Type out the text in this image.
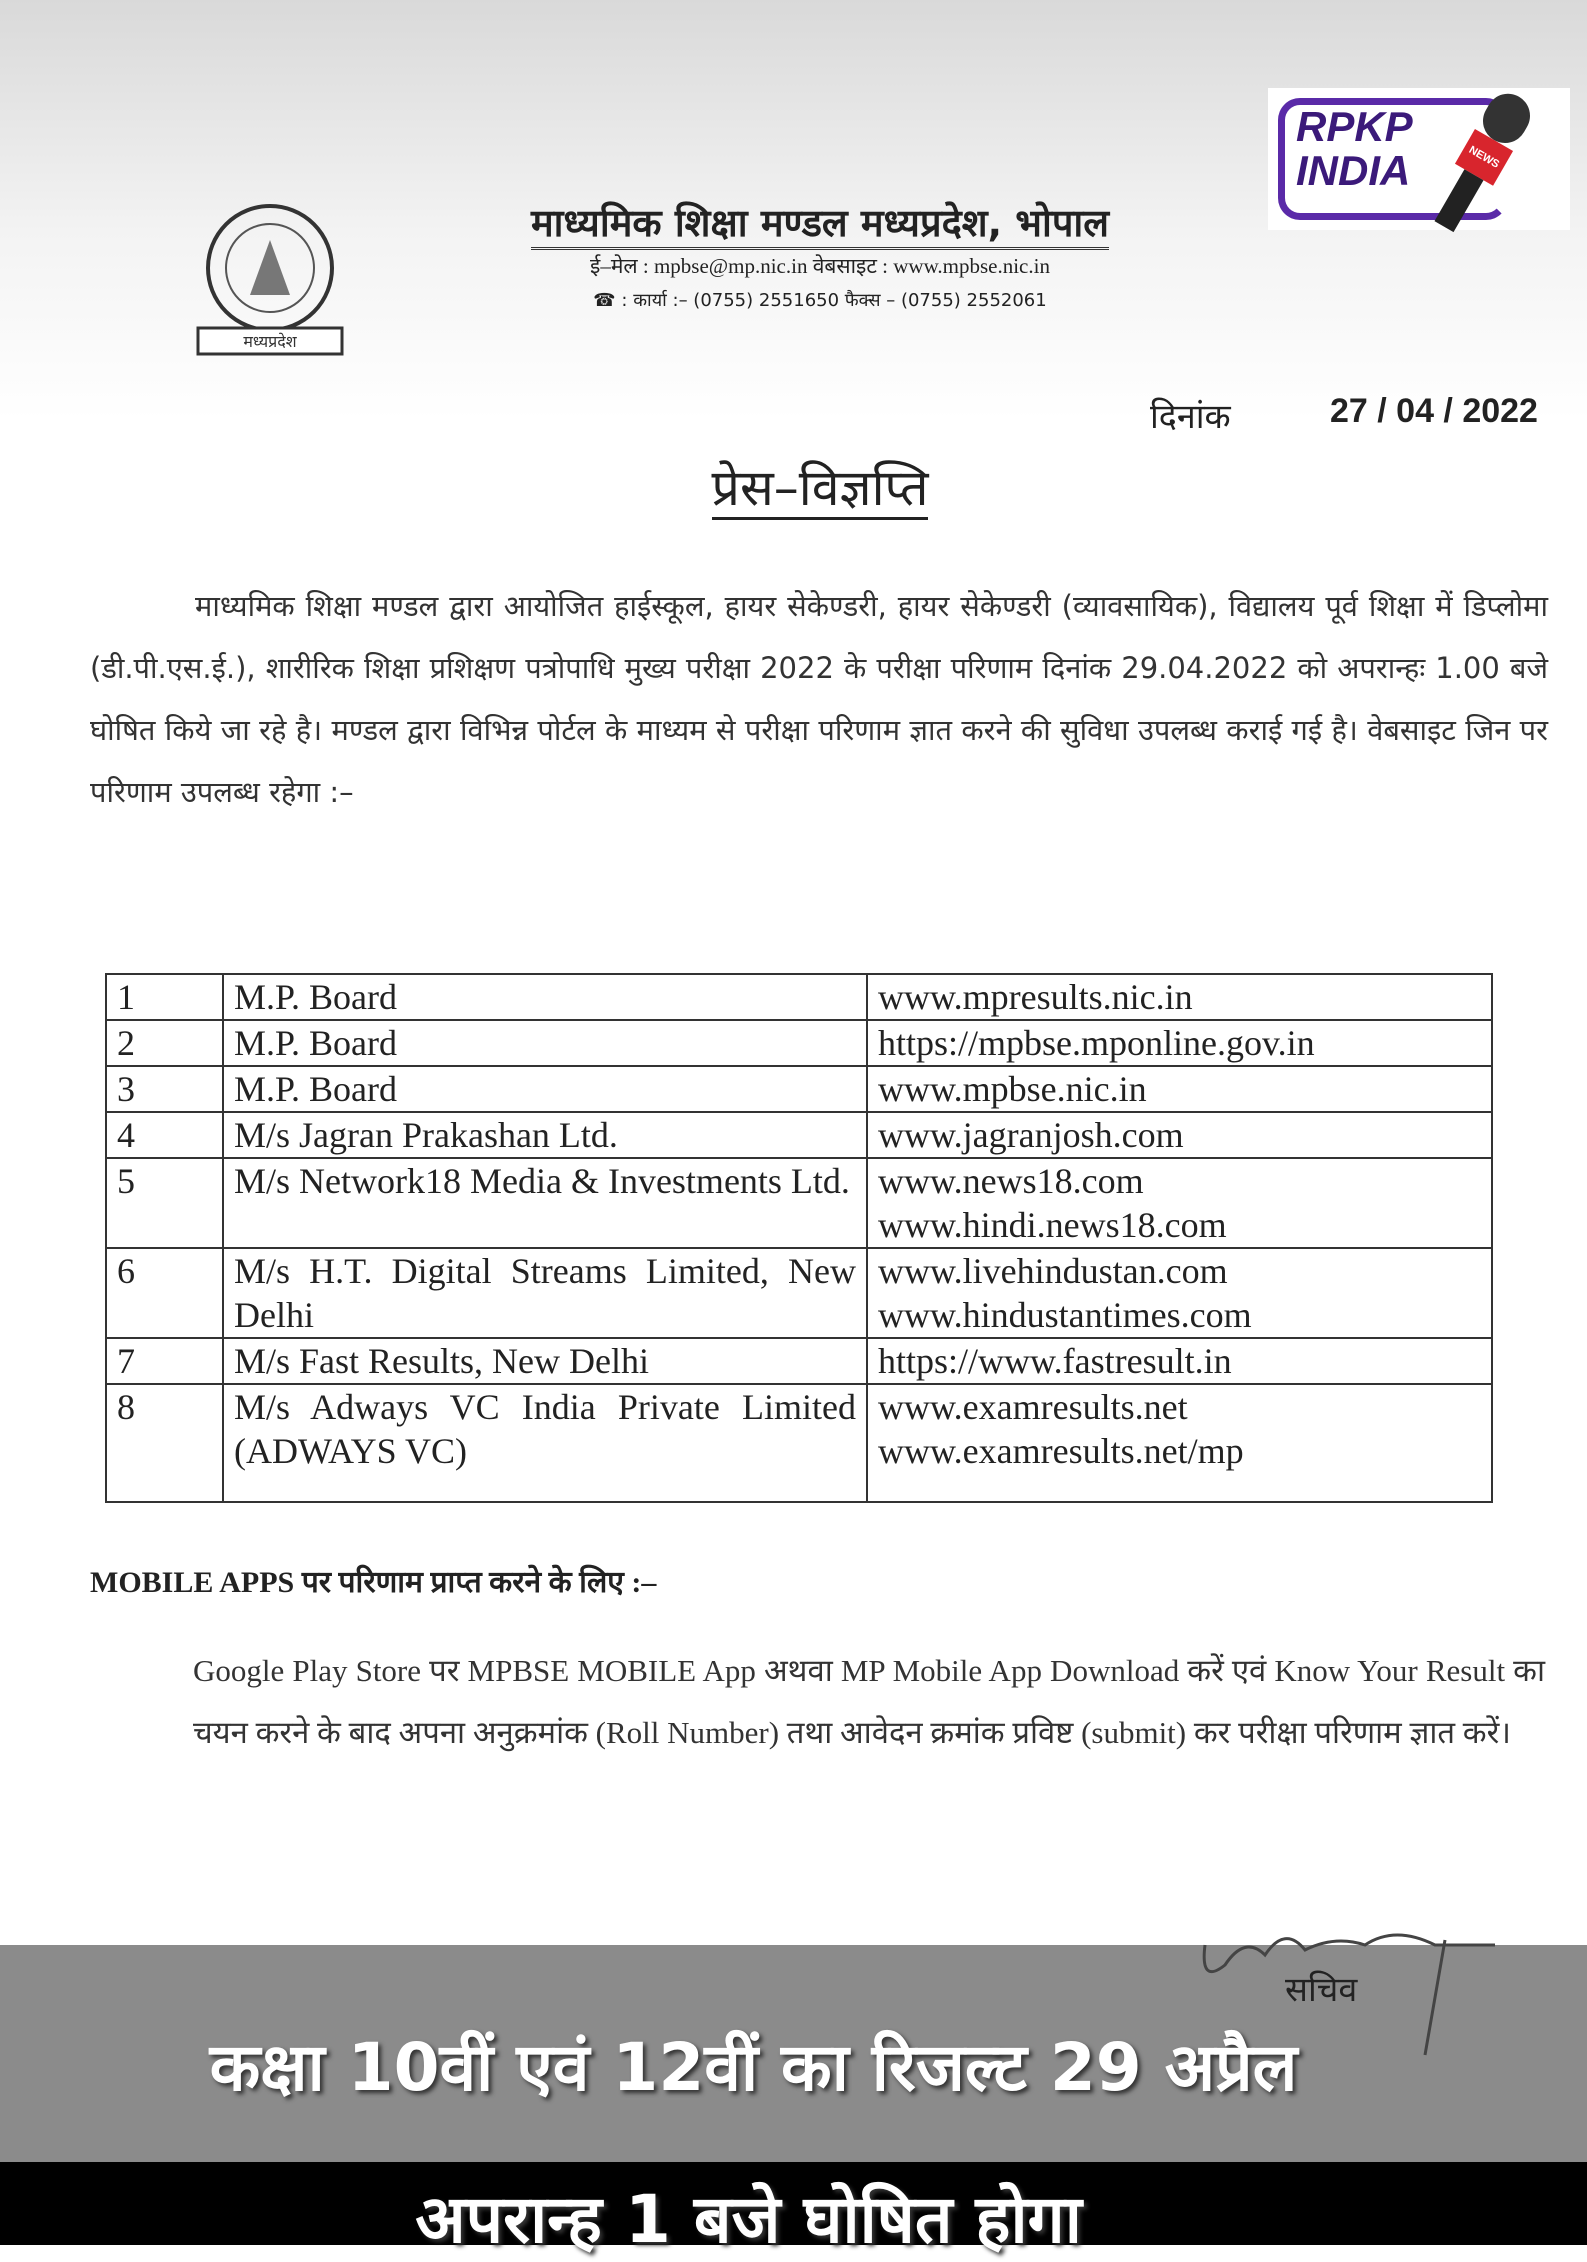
RPKP
INDIA	NEWS
मध्यप्रदेश
माध्यमिक शिक्षा मण्डल मध्यप्रदेश, भोपाल
ई–मेल : mpbse@mp.nic.in वेबसाइट : www.mpbse.nic.in
☎ : कार्या :– (0755) 2551650 फैक्स – (0755) 2552061
दिनांक	27 / 04 / 2022
प्रेस–विज्ञप्ति

माध्यमिक शिक्षा मण्डल द्वारा आयोजित हाईस्कूल, हायर सेकेण्डरी, हायर सेकेण्डरी (व्यावसायिक), विद्यालय पूर्व शिक्षा में डिप्लोमा (डी.पी.एस.ई.), शारीरिक शिक्षा प्रशिक्षण पत्रोपाधि मुख्य परीक्षा 2022 के परीक्षा परिणाम दिनांक 29.04.2022 को अपरान्हः 1.00 बजे घोषित किये जा रहे है। मण्डल द्वारा विभिन्न पोर्टल के माध्यम से परीक्षा परिणाम ज्ञात करने की सुविधा उपलब्ध कराई गई है। वेबसाइट जिन पर परिणाम उपलब्ध रहेगा :–

1	M.P. Board	www.mpresults.nic.in
2	M.P. Board	https://mpbse.mponline.gov.in
3	M.P. Board	www.mpbse.nic.in
4	M/s Jagran Prakashan Ltd.	www.jagranjosh.com
5	M/s Network18 Media & Investments Ltd.	www.news18.com
www.hindi.news18.com
6	M/s H.T. Digital Streams Limited, New Delhi	www.livehindustan.com
www.hindustantimes.com
7	M/s Fast Results, New Delhi	https://www.fastresult.in
8	M/s Adways VC India Private Limited (ADWAYS VC)	www.examresults.net
www.examresults.net/mp
MOBILE APPS पर परिणाम प्राप्त करने के लिए :–

Google Play Store पर MPBSE MOBILE App अथवा MP Mobile App Download करें एवं Know Your Result का चयन करने के बाद अपना अनुक्रमांक (Roll Number) तथा आवेदन क्रमांक प्रविष्ट (submit) कर परीक्षा परिणाम ज्ञात करें।

सचिव
कक्षा 10वीं एवं 12वीं का रिजल्ट 29 अप्रैल
अपरान्ह 1 बजे घोषित होगा
